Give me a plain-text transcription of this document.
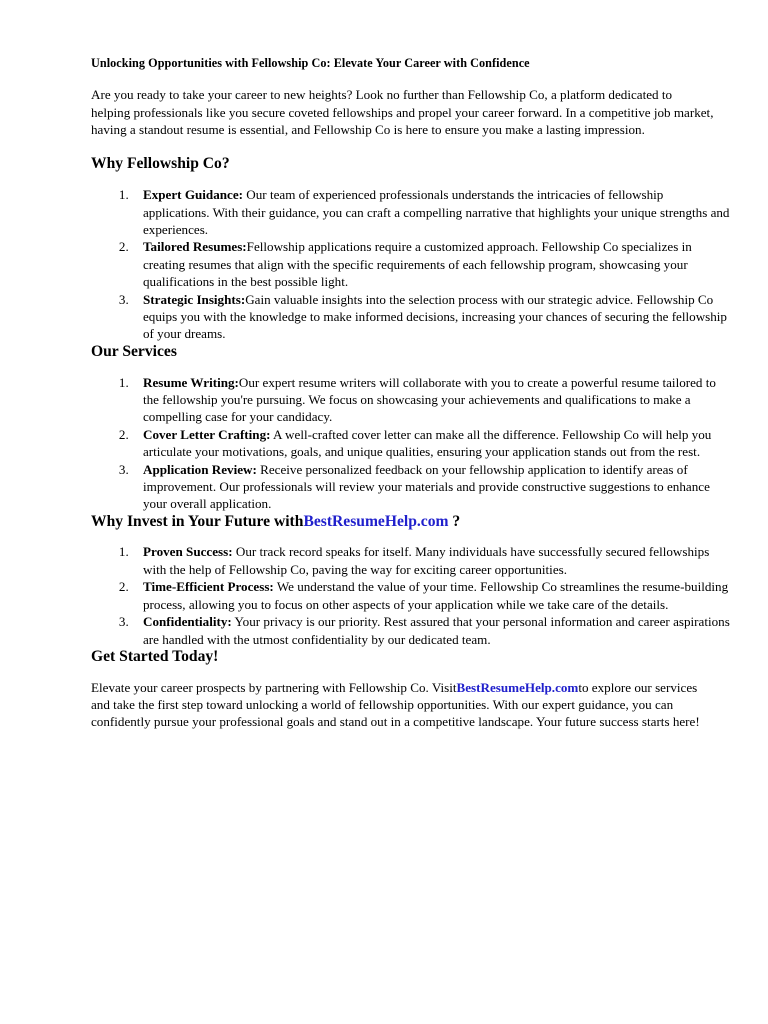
Unlocking Opportunities with Fellowship Co: Elevate Your Career with Confidence

Are you ready to take your career to new heights? Look no further than Fellowship Co, a platform dedicated to helping professionals like you secure coveted fellowships and propel your career forward. In a competitive job market, having a standout resume is essential, and Fellowship Co is here to ensure you make a lasting impression.

Why Fellowship Co?
1. Expert Guidance: Our team of experienced professionals understands the intricacies of fellowship applications. With their guidance, you can craft a compelling narrative that highlights your unique strengths and experiences.
2. Tailored Resumes:Fellowship applications require a customized approach. Fellowship Co specializes in creating resumes that align with the specific requirements of each fellowship program, showcasing your qualifications in the best possible light.
3. Strategic Insights:Gain valuable insights into the selection process with our strategic advice. Fellowship Co equips you with the knowledge to make informed decisions, increasing your chances of securing the fellowship of your dreams.
Our Services
1. Resume Writing:Our expert resume writers will collaborate with you to create a powerful resume tailored to the fellowship you're pursuing. We focus on showcasing your achievements and qualifications to make a compelling case for your candidacy.
2. Cover Letter Crafting: A well-crafted cover letter can make all the difference. Fellowship Co will help you articulate your motivations, goals, and unique qualities, ensuring your application stands out from the rest.
3. Application Review: Receive personalized feedback on your fellowship application to identify areas of improvement. Our professionals will review your materials and provide constructive suggestions to enhance your overall application.
Why Invest in Your Future withBestResumeHelp.com ?
1. Proven Success: Our track record speaks for itself. Many individuals have successfully secured fellowships with the help of Fellowship Co, paving the way for exciting career opportunities.
2. Time-Efficient Process: We understand the value of your time. Fellowship Co streamlines the resume-building process, allowing you to focus on other aspects of your application while we take care of the details.
3. Confidentiality: Your privacy is our priority. Rest assured that your personal information and career aspirations are handled with the utmost confidentiality by our dedicated team.
Get Started Today!

Elevate your career prospects by partnering with Fellowship Co. VisitBestResumeHelp.comto explore our services and take the first step toward unlocking a world of fellowship opportunities. With our expert guidance, you can confidently pursue your professional goals and stand out in a competitive landscape. Your future success starts here!
